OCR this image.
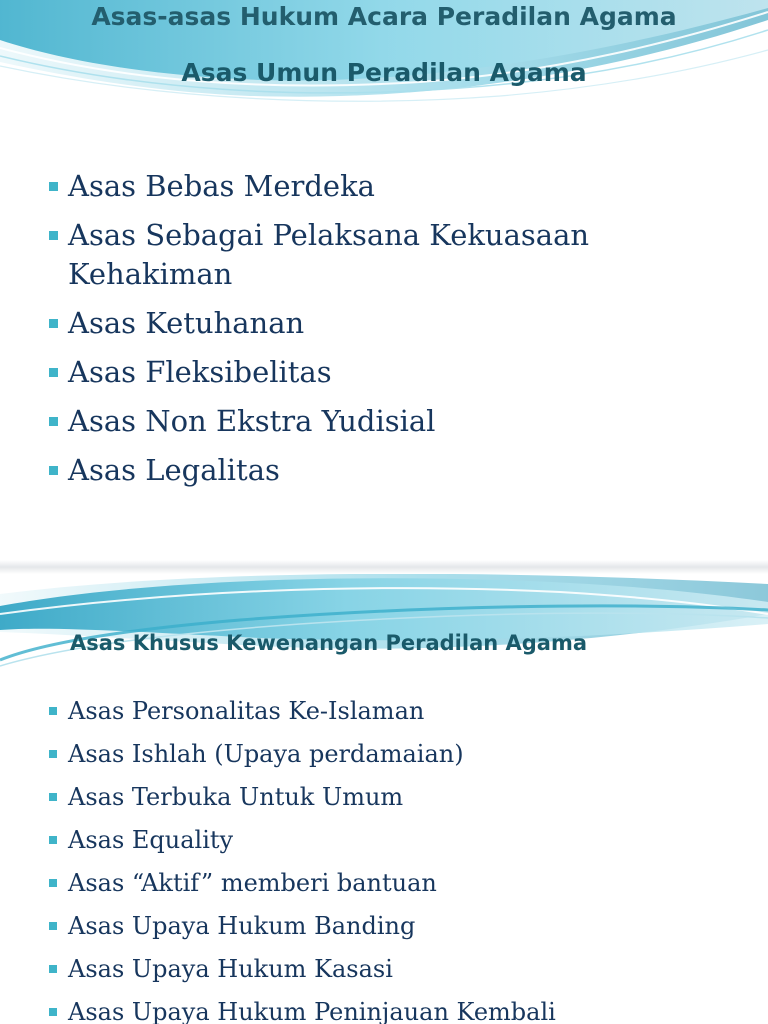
Asas-asas Hukum Acara Peradilan Agama
Asas Umun Peradilan Agama
Asas Bebas Merdeka
Asas Sebagai Pelaksana Kekuasaan Kehakiman
Asas Ketuhanan
Asas Fleksibelitas
Asas Non Ekstra Yudisial
Asas Legalitas
Asas Khusus Kewenangan Peradilan Agama
Asas Personalitas Ke-Islaman
Asas Ishlah (Upaya perdamaian)
Asas Terbuka Untuk Umum
Asas Equality
Asas “Aktif” memberi bantuan
Asas Upaya Hukum Banding
Asas Upaya Hukum Kasasi
Asas Upaya Hukum Peninjauan Kembali
